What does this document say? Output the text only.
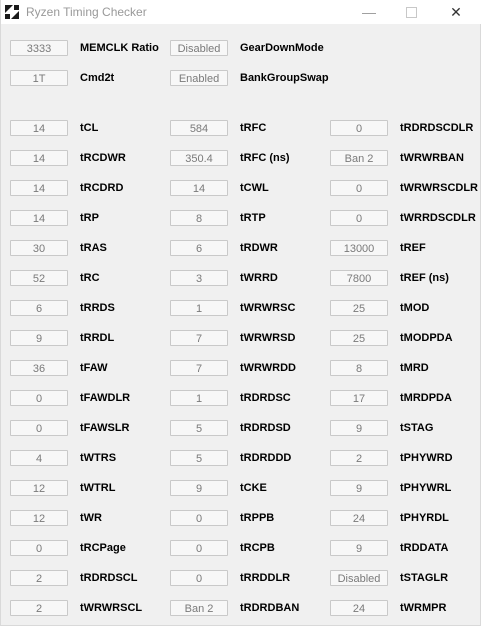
Ryzen Timing Checker	—	✕
3333	MEMCLK Ratio	Disabled	GearDownMode
1T	Cmd2t	Enabled	BankGroupSwap
14	tCL	584	tRFC	0	tRDRDSCDLR
14	tRCDWR	350.4	tRFC (ns)	Ban 2	tWRWRBAN
14	tRCDRD	14	tCWL	0	tWRWRSCDLR
14	tRP	8	tRTP	0	tWRRDSCDLR
30	tRAS	6	tRDWR	13000	tREF
52	tRC	3	tWRRD	7800	tREF (ns)
6	tRRDS	1	tWRWRSC	25	tMOD
9	tRRDL	7	tWRWRSD	25	tMODPDA
36	tFAW	7	tWRWRDD	8	tMRD
0	tFAWDLR	1	tRDRDSC	17	tMRDPDA
0	tFAWSLR	5	tRDRDSD	9	tSTAG
4	tWTRS	5	tRDRDDD	2	tPHYWRD
12	tWTRL	9	tCKE	9	tPHYWRL
12	tWR	0	tRPPB	24	tPHYRDL
0	tRCPage	0	tRCPB	9	tRDDATA
2	tRDRDSCL	0	tRRDDLR	Disabled	tSTAGLR
2	tWRWRSCL	Ban 2	tRDRDBAN	24	tWRMPR
